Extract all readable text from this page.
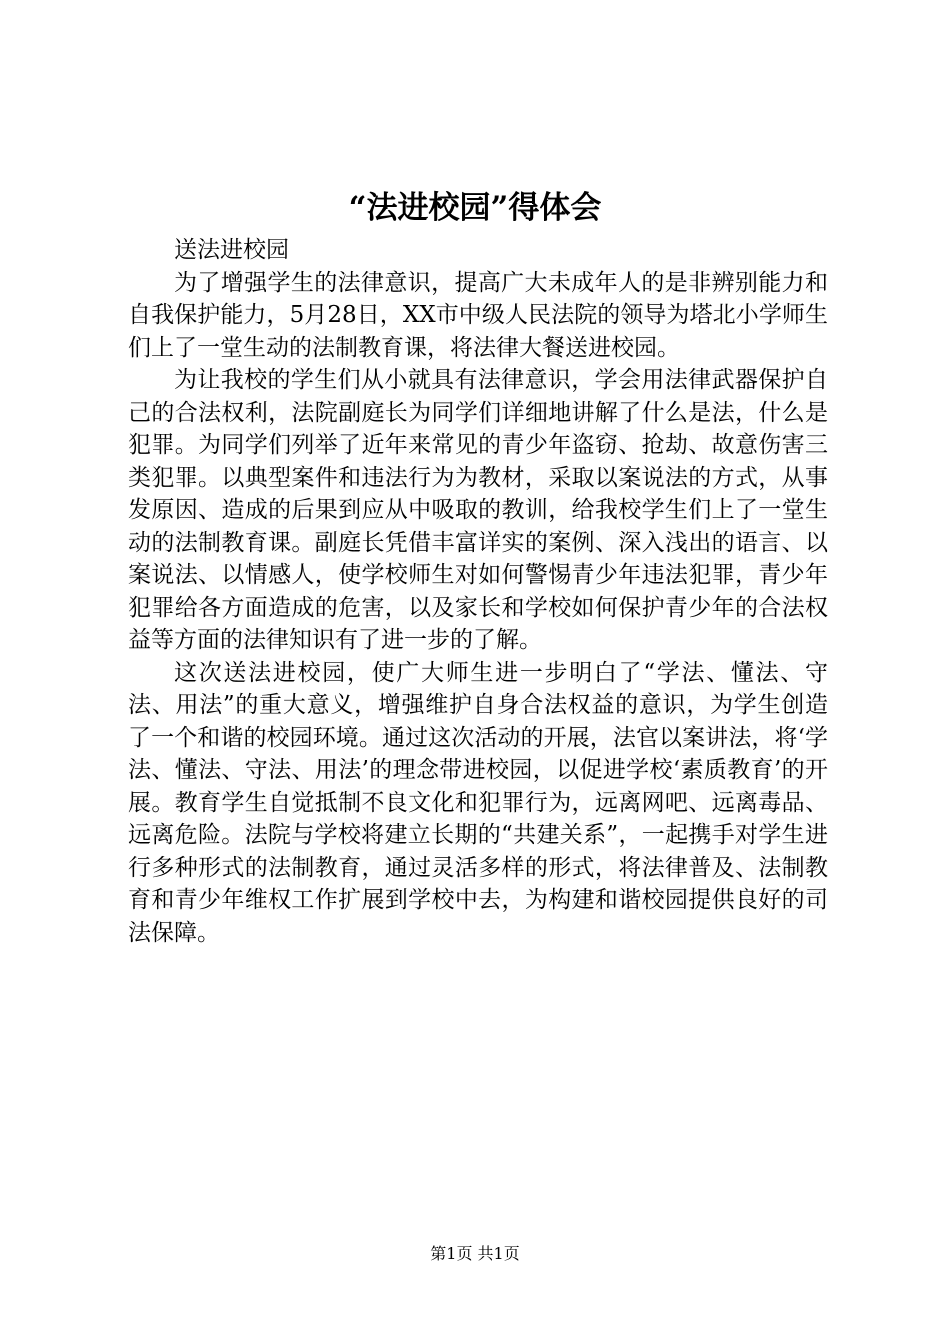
“法进校园”得体会

送法进校园

为了增强学生的法律意识，提高广大未成年人的是非辨别能力和自我保护能力，5月28日，XX市中级人民法院的领导为塔北小学师生们上了一堂生动的法制教育课，将法律大餐送进校园。

为让我校的学生们从小就具有法律意识，学会用法律武器保护自己的合法权利，法院副庭长为同学们详细地讲解了什么是法，什么是犯罪。为同学们列举了近年来常见的青少年盗窃、抢劫、故意伤害三类犯罪。以典型案件和违法行为为教材，采取以案说法的方式，从事发原因、造成的后果到应从中吸取的教训，给我校学生们上了一堂生动的法制教育课。副庭长凭借丰富详实的案例、深入浅出的语言、以案说法、以情感人，使学校师生对如何警惕青少年违法犯罪，青少年犯罪给各方面造成的危害，以及家长和学校如何保护青少年的合法权益等方面的法律知识有了进一步的了解。

这次送法进校园，使广大师生进一步明白了“学法、懂法、守法、用法”的重大意义，增强维护自身合法权益的意识，为学生创造了一个和谐的校园环境。通过这次活动的开展，法官以案讲法，将‘学法、懂法、守法、用法’的理念带进校园，以促进学校‘素质教育’的开展。教育学生自觉抵制不良文化和犯罪行为，远离网吧、远离毒品、远离危险。法院与学校将建立长期的“共建关系”，一起携手对学生进行多种形式的法制教育，通过灵活多样的形式，将法律普及、法制教育和青少年维权工作扩展到学校中去，为构建和谐校园提供良好的司法保障。

第1页 共1页
